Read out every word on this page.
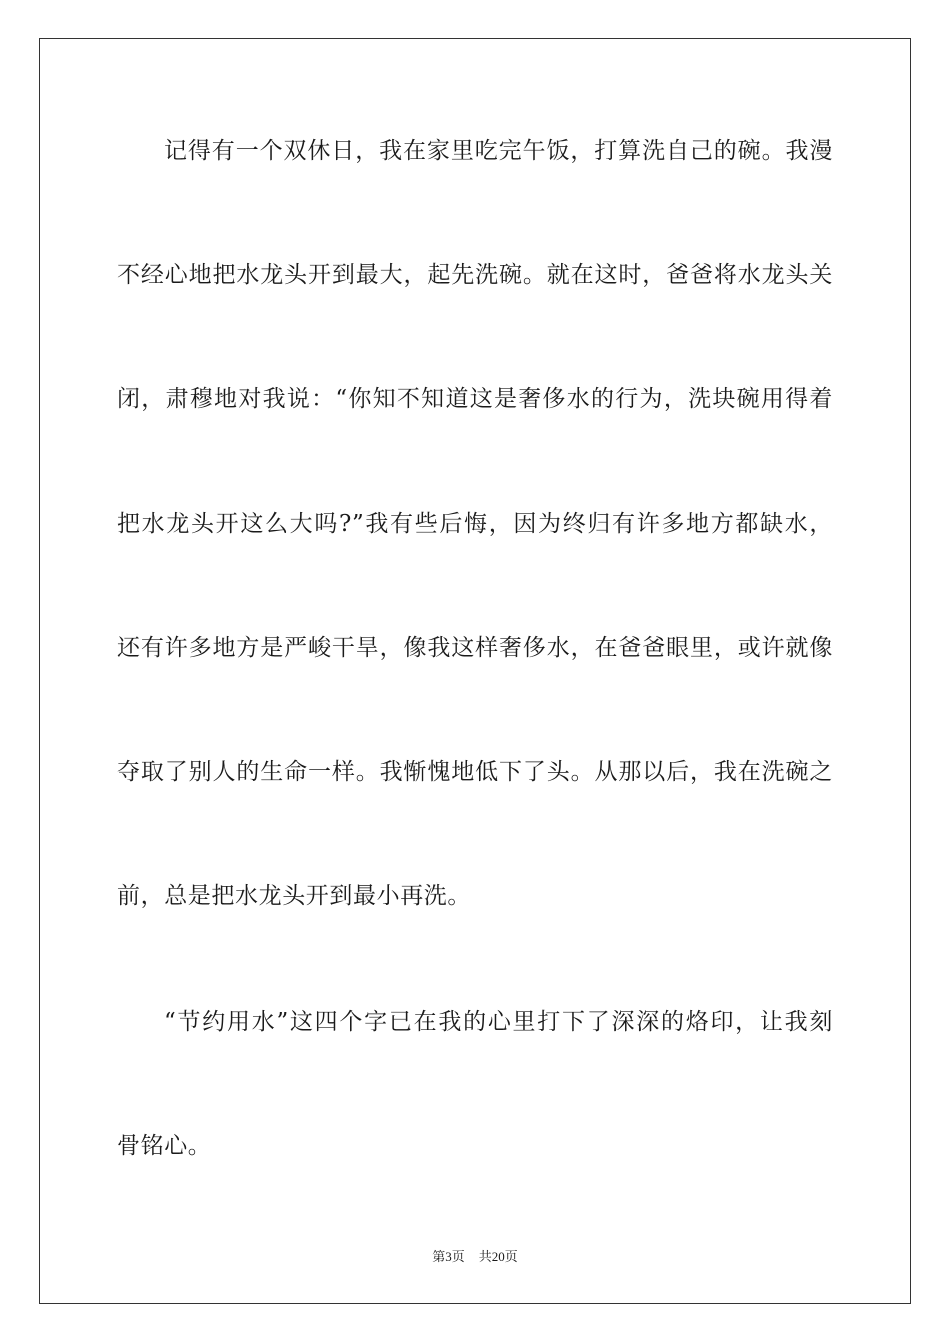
记得有一个双休日，我在家里吃完午饭，打算洗自己的碗。我漫
不经心地把水龙头开到最大，起先洗碗。就在这时，爸爸将水龙头关
闭，肃穆地对我说：“你知不知道这是奢侈水的行为，洗块碗用得着
把水龙头开这么大吗?”我有些后悔，因为终归有许多地方都缺水，
还有许多地方是严峻干旱，像我这样奢侈水，在爸爸眼里，或许就像
夺取了别人的生命一样。我惭愧地低下了头。从那以后，我在洗碗之
前，总是把水龙头开到最小再洗。
“节约用水”这四个字已在我的心里打下了深深的烙印，让我刻
骨铭心。
第3页 共20页
